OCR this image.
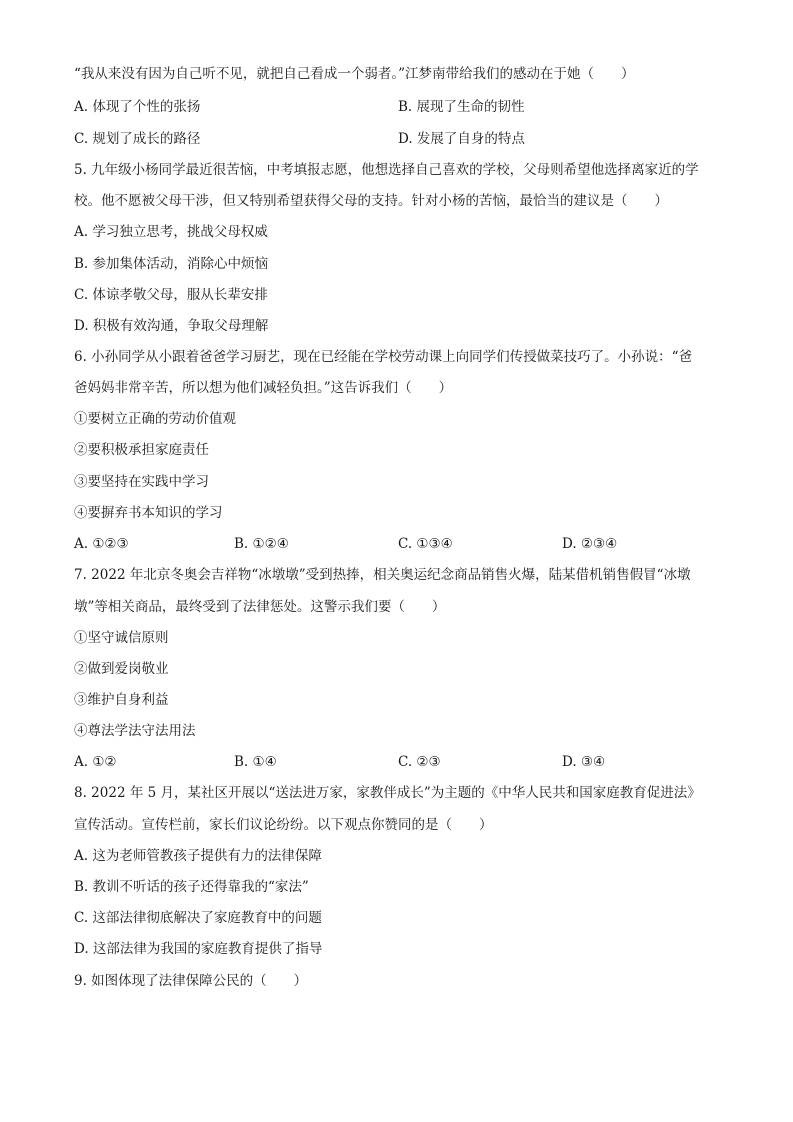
“我从来没有因为自己听不见，就把自己看成一个弱者。”江梦南带给我们的感动在于她（　　）
A. 体现了个性的张扬	B. 展现了生命的韧性
C. 规划了成长的路径	D. 发展了自身的特点
5. 九年级小杨同学最近很苦恼，中考填报志愿，他想选择自己喜欢的学校，父母则希望他选择离家近的学
校。他不愿被父母干涉，但又特别希望获得父母的支持。针对小杨的苦恼，最恰当的建议是（　　）
A. 学习独立思考，挑战父母权威
B. 参加集体活动，消除心中烦恼
C. 体谅孝敬父母，服从长辈安排
D. 积极有效沟通，争取父母理解
6. 小孙同学从小跟着爸爸学习厨艺，现在已经能在学校劳动课上向同学们传授做菜技巧了。小孙说：“爸
爸妈妈非常辛苦，所以想为他们减轻负担。”这告诉我们（　　）
①要树立正确的劳动价值观
②要积极承担家庭责任
③要坚持在实践中学习
④要摒弃书本知识的学习
A. ①②③	B. ①②④	C. ①③④	D. ②③④
7. 2022 年北京冬奥会吉祥物“冰墩墩”受到热捧，相关奥运纪念商品销售火爆，陆某借机销售假冒“冰墩
墩”等相关商品，最终受到了法律惩处。这警示我们要（　　）
①坚守诚信原则
②做到爱岗敬业
③维护自身利益
④尊法学法守法用法
A. ①②	B. ①④	C. ②③	D. ③④
8. 2022 年 5 月，某社区开展以“送法进万家，家教伴成长”为主题的《中华人民共和国家庭教育促进法》
宣传活动。宣传栏前，家长们议论纷纷。以下观点你赞同的是（　　）
A. 这为老师管教孩子提供有力的法律保障
B. 教训不听话的孩子还得靠我的“家法”
C. 这部法律彻底解决了家庭教育中的问题
D. 这部法律为我国的家庭教育提供了指导
9. 如图体现了法律保障公民的（　　）
